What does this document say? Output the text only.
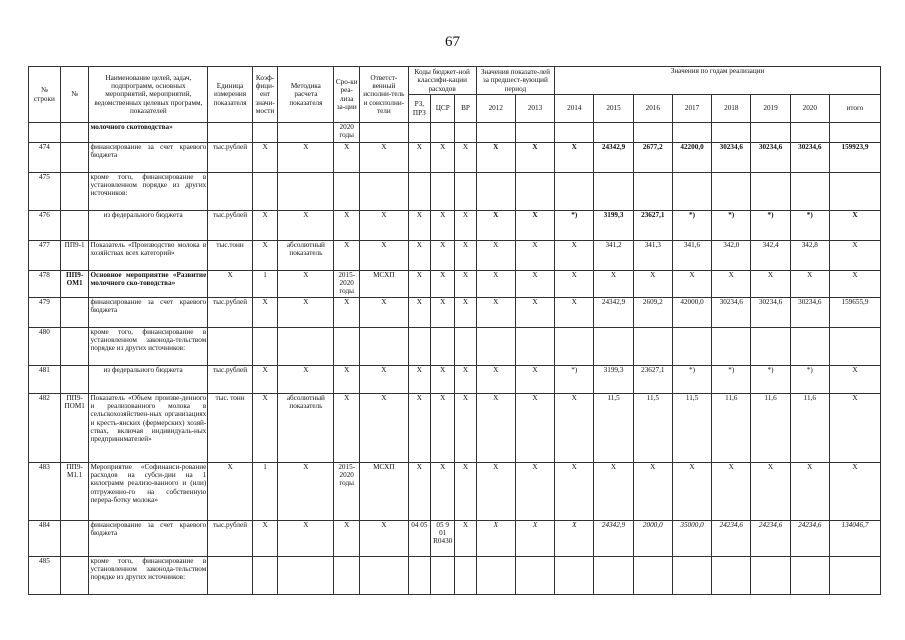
67
№ строки	№	Наименование целей, задач, подпрограмм, основных мероприятий, мероприятий, ведомственных целевых программ, показателей	Единица измерения показателя	Коэф-фици-ент значи-мости	Методика расчета показателя	Сро-ки реа-лиза за-ции	Ответст-венный исполни-тель и соисполни-тели	Коды бюджет-ной классифи-кации расходов			Значения показате-лей за предшест-вующий период		Значения по годам реализации							
								РЗ, ПРЗ	ЦСР	ВР	2012	2013	2014	2015	2016	2017	2018	2019	2020	итого
		молочного скотоводства»				2020 годы														
474		финансирование за счет краевого бюджета	тыс.рублей	Х	Х	Х	Х	Х	Х	Х	Х	Х	Х	24342,9	2677,2	42200,0	30234,6	30234,6	30234,6	159923,9
475		кроме того, финансирование в установленном порядке из других источников:																		
476		из федерального бюджета	тыс.рублей	Х	Х	Х	Х	Х	Х	Х	Х	Х	*)	3199,3	23627,1	*)	*)	*)	*)	Х
477	ПП9-1	Показатель «Производство молока в хозяйствах всех категорий»	тыс.тонн	Х	абсолютный показатель	Х	Х	Х	Х	Х	Х	Х	Х	341,2	341,3	341,6	342,0	342,4	342,8	Х
478	ПП9-ОМ1	Основное мероприятие «Развитие молочного ско-товодства»	Х	1	Х	2015-2020 годы	МСХП	Х	Х	Х	Х	Х	Х	Х	Х	Х	Х	Х	Х	Х
479		финансирование за счет краевого бюджета	тыс.рублей	Х	Х	Х	Х	Х	Х	Х	Х	Х	Х	24342,9	2609,2	42000,0	30234,6	30234,6	30234,6	159655,9
480		кроме того, финансирование в установленном законода-тельством порядке из других источников:																		
481		из федерального бюджета	тыс.рублей	Х	Х	Х	Х	Х	Х	Х	Х	Х	*)	3199,3	23627,1	*)	*)	*)	*)	Х
482	ПП9-ПОМ1	Показатель «Объем произве-денного и реализованного молока в сельскохозяйствен-ных организациях и кресть-янских (фермерских) хозяй-ствах, включая индивидуаль-ных предпринимателей»	тыс. тонн	Х	абсолютный показатель	Х	Х	Х	Х	Х	Х	Х	Х	11,5	11,5	11,5	11,6	11,6	11,6	Х
483	ПП9-М1.1	Мероприятие «Софинанси-рование расходов на субси-дии на 1 килограмм реализо-ванного и (или) отгруженно-го на собственную перера-ботку молока»	Х	1	Х	2015-2020 годы	МСХП	Х	Х	Х	Х	Х	Х	Х	Х	Х	Х	Х	Х	Х
484		финансирование за счет краевого бюджета	тыс.рублей	Х	Х	Х	Х	04 05	05 9 01 R0430	Х	Х	Х	Х	24342,9	2000,0	35000,0	24234,6	24234,6	24234,6	134046,7
485		кроме того, финансирование в установленном законода-тельством порядке из других источников:																		
